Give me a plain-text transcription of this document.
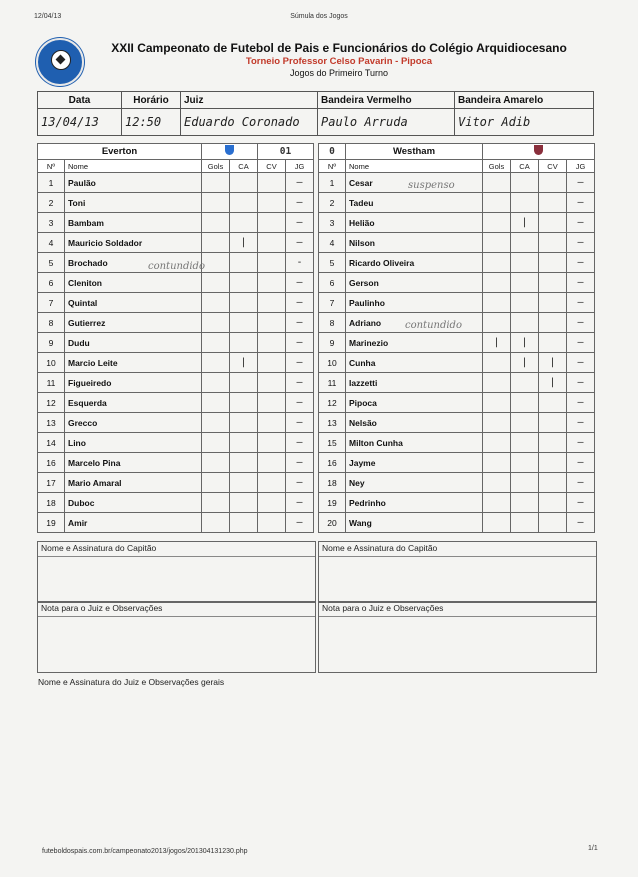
12/04/13	Súmula dos Jogos
XXII Campeonato de Futebol de Pais e Funcionários do Colégio Arquidiocesano
Torneio Professor Celso Pavarin - Pipoca
Jogos do Primeiro Turno
Data	Horário	Juiz	Bandeira Vermelho	Bandeira Amarelo
13/04/13	12:50	Eduardo Coronado	Paulo Arruda	Vitor Adib
Everton				01	
Nº	Nome	Gols	CA	CV	JG
1	Paulão				—
2	Toni				—
3	Bambam				—
4	Mauricio Soldador		|		—
5	Brochado				-
6	Cleniton				—
7	Quintal				—
8	Gutierrez				—
9	Dudu				—
10	Marcio Leite		|		—
11	Figueiredo				—
12	Esquerda				—
13	Grecco				—
14	Lino				—
16	Marcelo Pina				—
17	Mario Amaral				—
18	Duboc				—
19	Amir				—
0	Westham				
Nº	Nome	Gols	CA	CV	JG
1	Cesar				—
2	Tadeu				—
3	Helião		|		—
4	Nilson				—
5	Ricardo Oliveira				—
6	Gerson				—
7	Paulinho				—
8	Adriano				—
9	Marinezio	|	|		—
10	Cunha		|	|	—
11	Iazzetti			|	—
12	Pipoca				—
13	Nelsão				—
15	Milton Cunha				—
16	Jayme				—
18	Ney				—
19	Pedrinho				—
20	Wang				—
contundido
suspenso
contundido
Nome e Assinatura do Capitão	Nome e Assinatura do Capitão
Nota para o Juiz e Observações	Nota para o Juiz e Observações
Nome e Assinatura do Juiz e Observações gerais
futeboldospais.com.br/campeonato2013/jogos/201304131230.php	1/1
